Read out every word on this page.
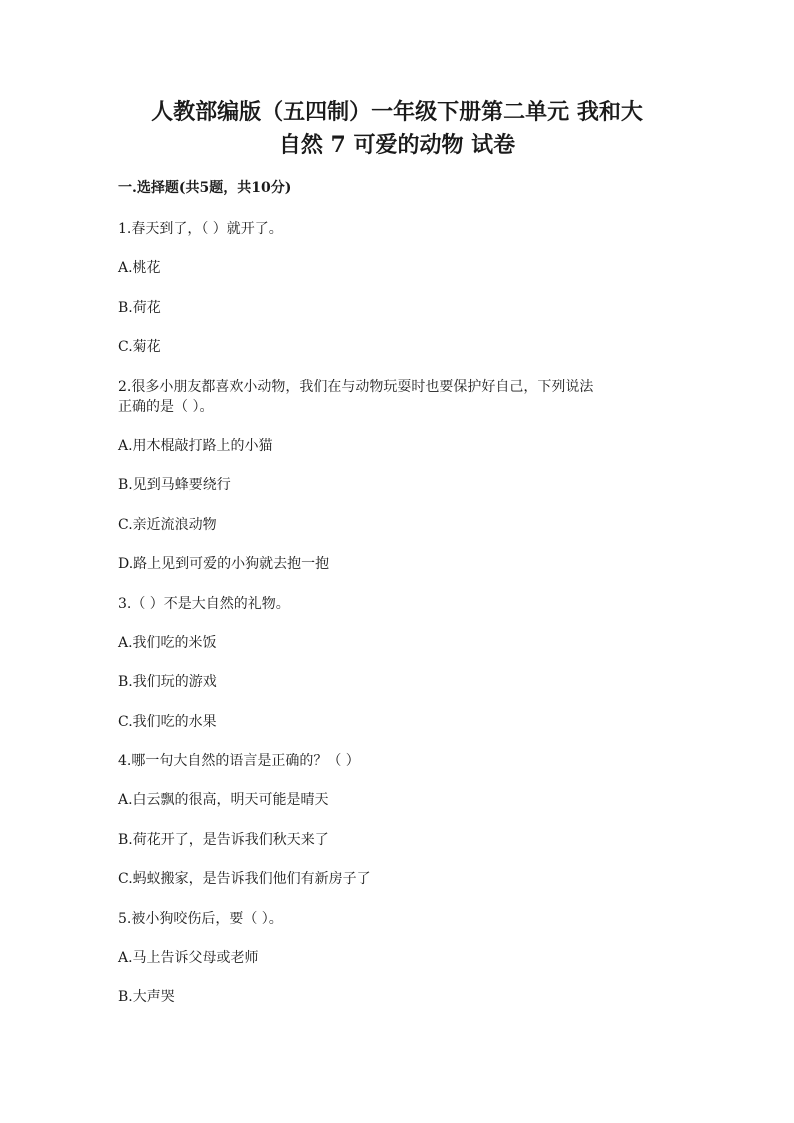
人教部编版（五四制）一年级下册第二单元 我和大
自然 7 可爱的动物 试卷
一.选择题(共5题，共10分)
1.春天到了，（ ）就开了。
A.桃花
B.荷花
C.菊花
2.很多小朋友都喜欢小动物，我们在与动物玩耍时也要保护好自己，下列说法
正确的是（ ）。
A.用木棍敲打路上的小猫
B.见到马蜂要绕行
C.亲近流浪动物
D.路上见到可爱的小狗就去抱一抱
3.（ ）不是大自然的礼物。
A.我们吃的米饭
B.我们玩的游戏
C.我们吃的水果
4.哪一句大自然的语言是正确的？（ ）
A.白云飘的很高，明天可能是晴天
B.荷花开了，是告诉我们秋天来了
C.蚂蚁搬家，是告诉我们他们有新房子了
5.被小狗咬伤后，要（ ）。
A.马上告诉父母或老师
B.大声哭
